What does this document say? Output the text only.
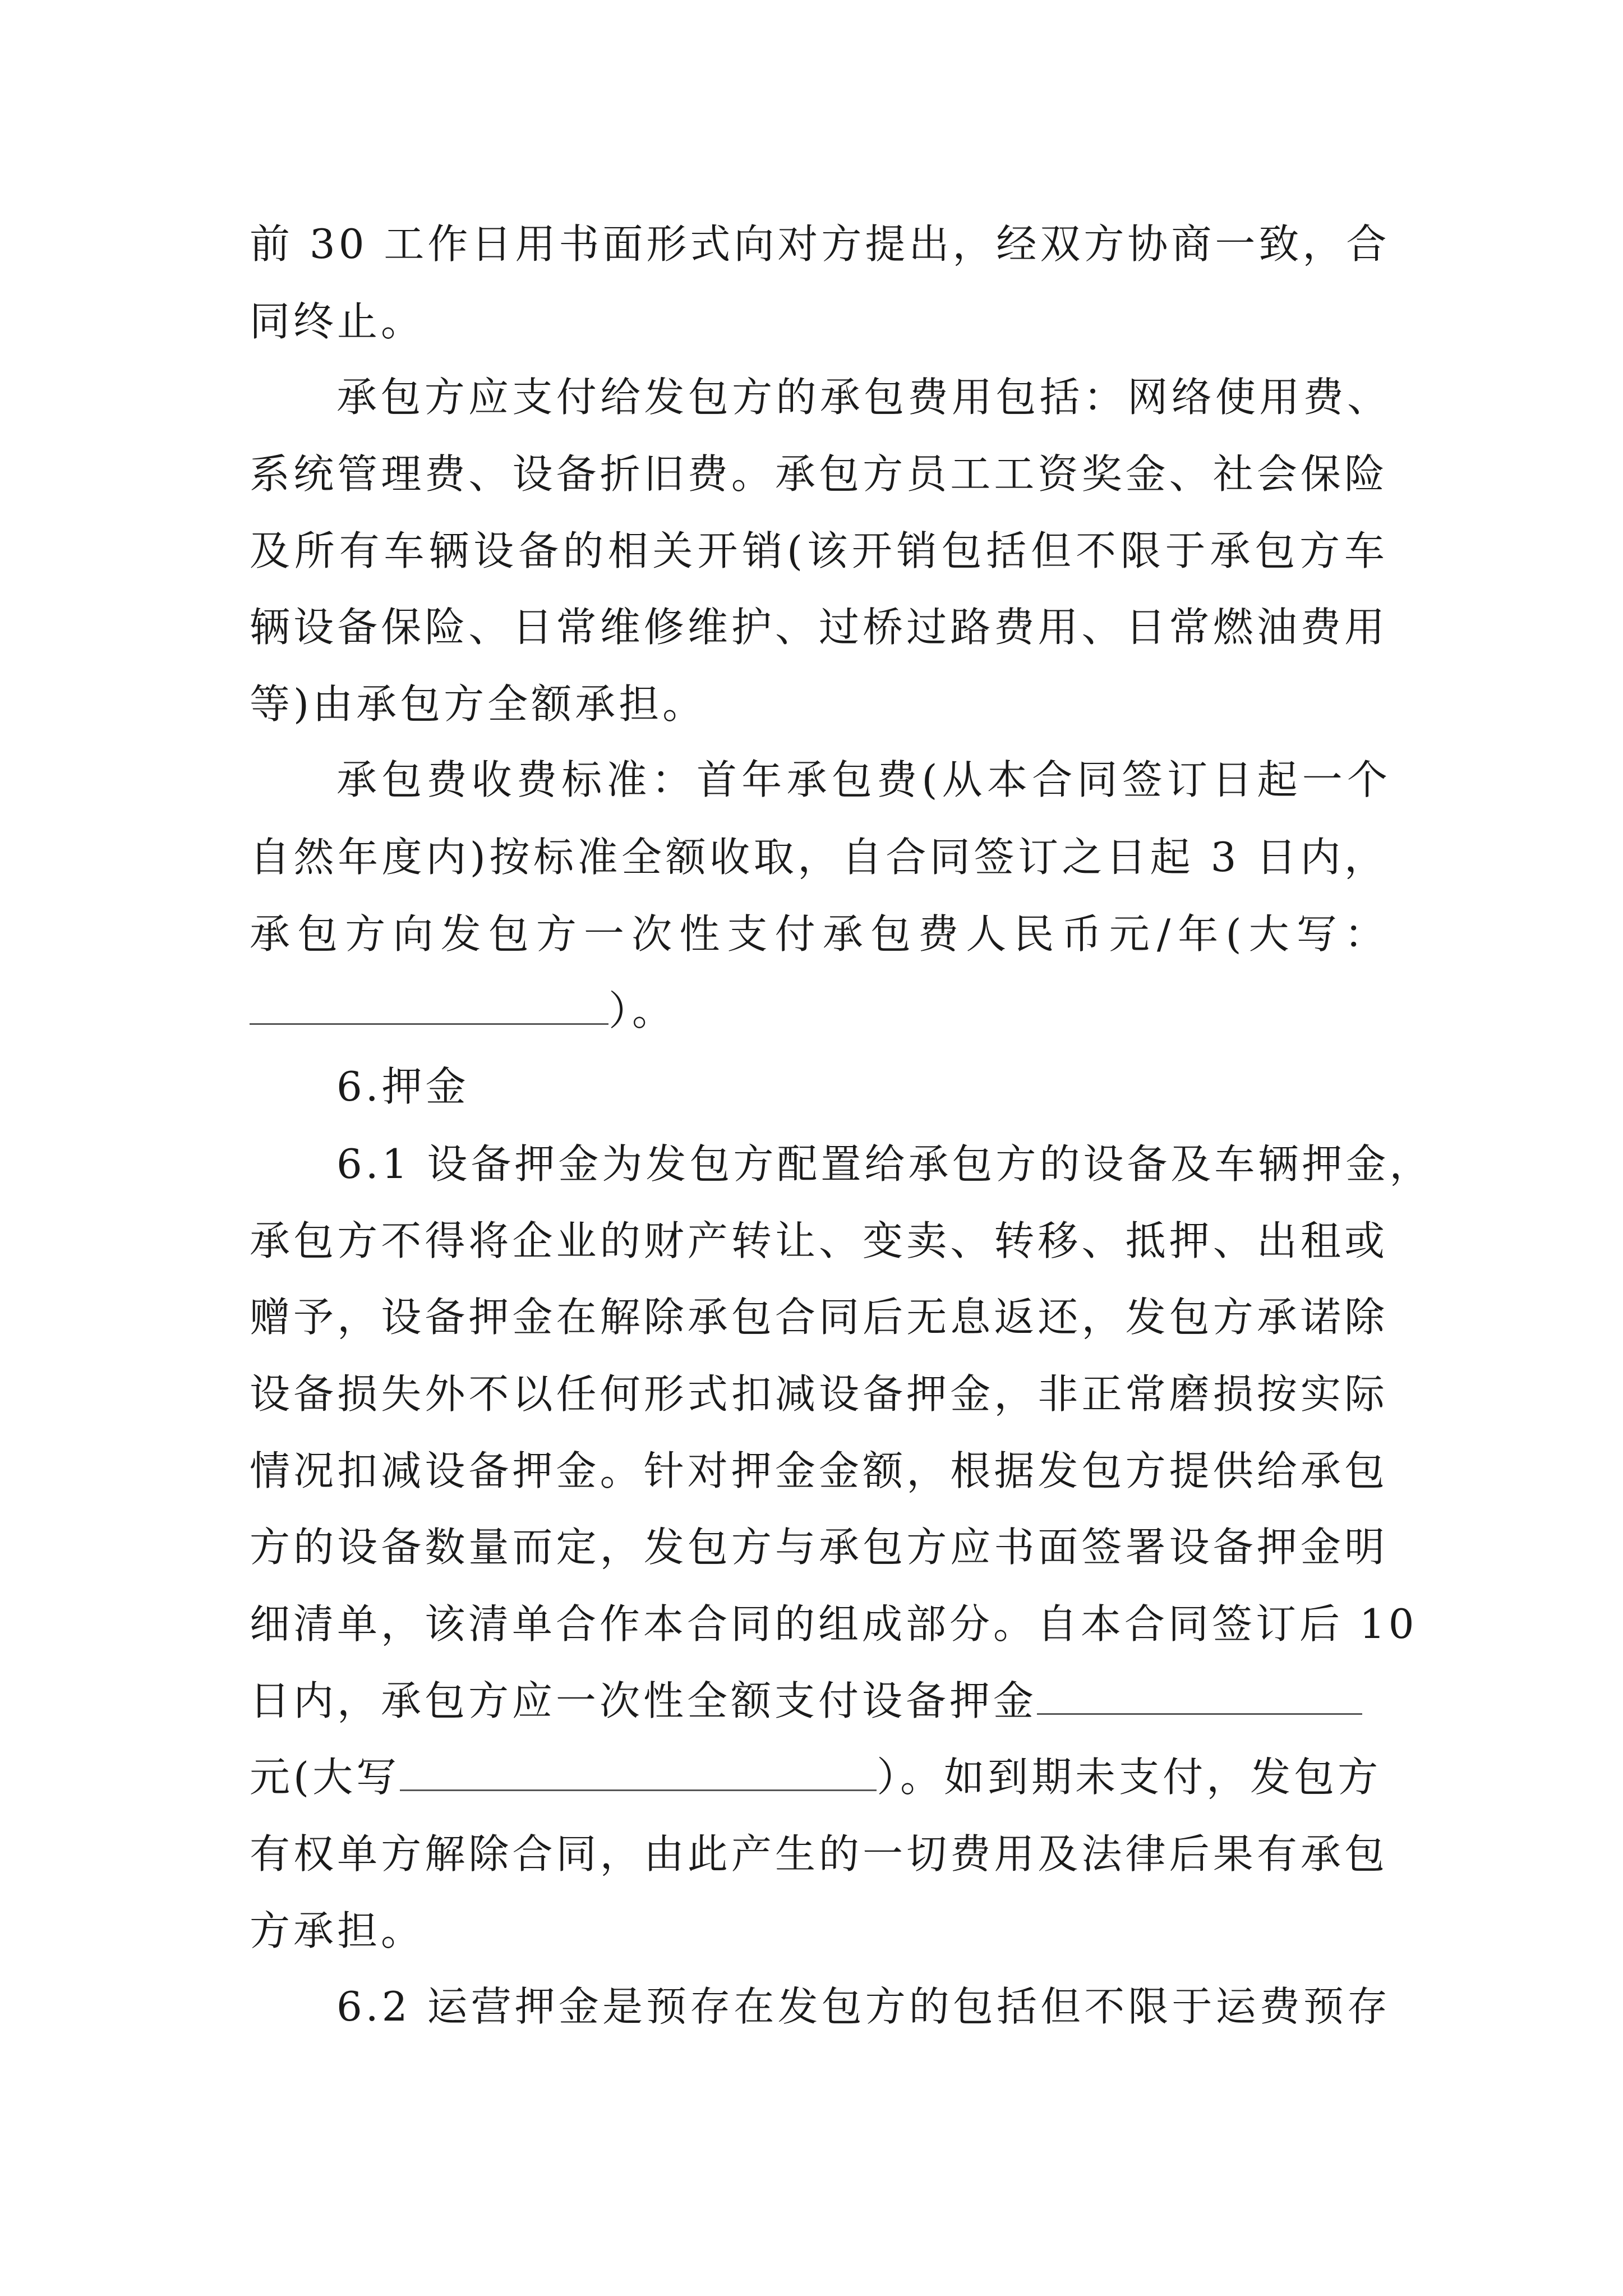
前 30 工作日用书面形式向对方提出，经双方协商一致，合
同终止。
承包方应支付给发包方的承包费用包括：网络使用费、
系统管理费、设备折旧费。承包方员工工资奖金、社会保险
及所有车辆设备的相关开销(该开销包括但不限于承包方车
辆设备保险、日常维修维护、过桥过路费用、日常燃油费用
等)由承包方全额承担。
承包费收费标准：首年承包费(从本合同签订日起一个
自然年度内)按标准全额收取，自合同签订之日起 3 日内，
承包方向发包方一次性支付承包费人民币元/年(大写：
）。
6.押金
6.1 设备押金为发包方配置给承包方的设备及车辆押金，
承包方不得将企业的财产转让、变卖、转移、抵押、出租或
赠予，设备押金在解除承包合同后无息返还，发包方承诺除
设备损失外不以任何形式扣减设备押金，非正常磨损按实际
情况扣减设备押金。针对押金金额，根据发包方提供给承包
方的设备数量而定，发包方与承包方应书面签署设备押金明
细清单，该清单合作本合同的组成部分。自本合同签订后 10
日内，承包方应一次性全额支付设备押金
元(大写	）。如到期未支付，发包方
有权单方解除合同，由此产生的一切费用及法律后果有承包
方承担。
6.2 运营押金是预存在发包方的包括但不限于运费预存
